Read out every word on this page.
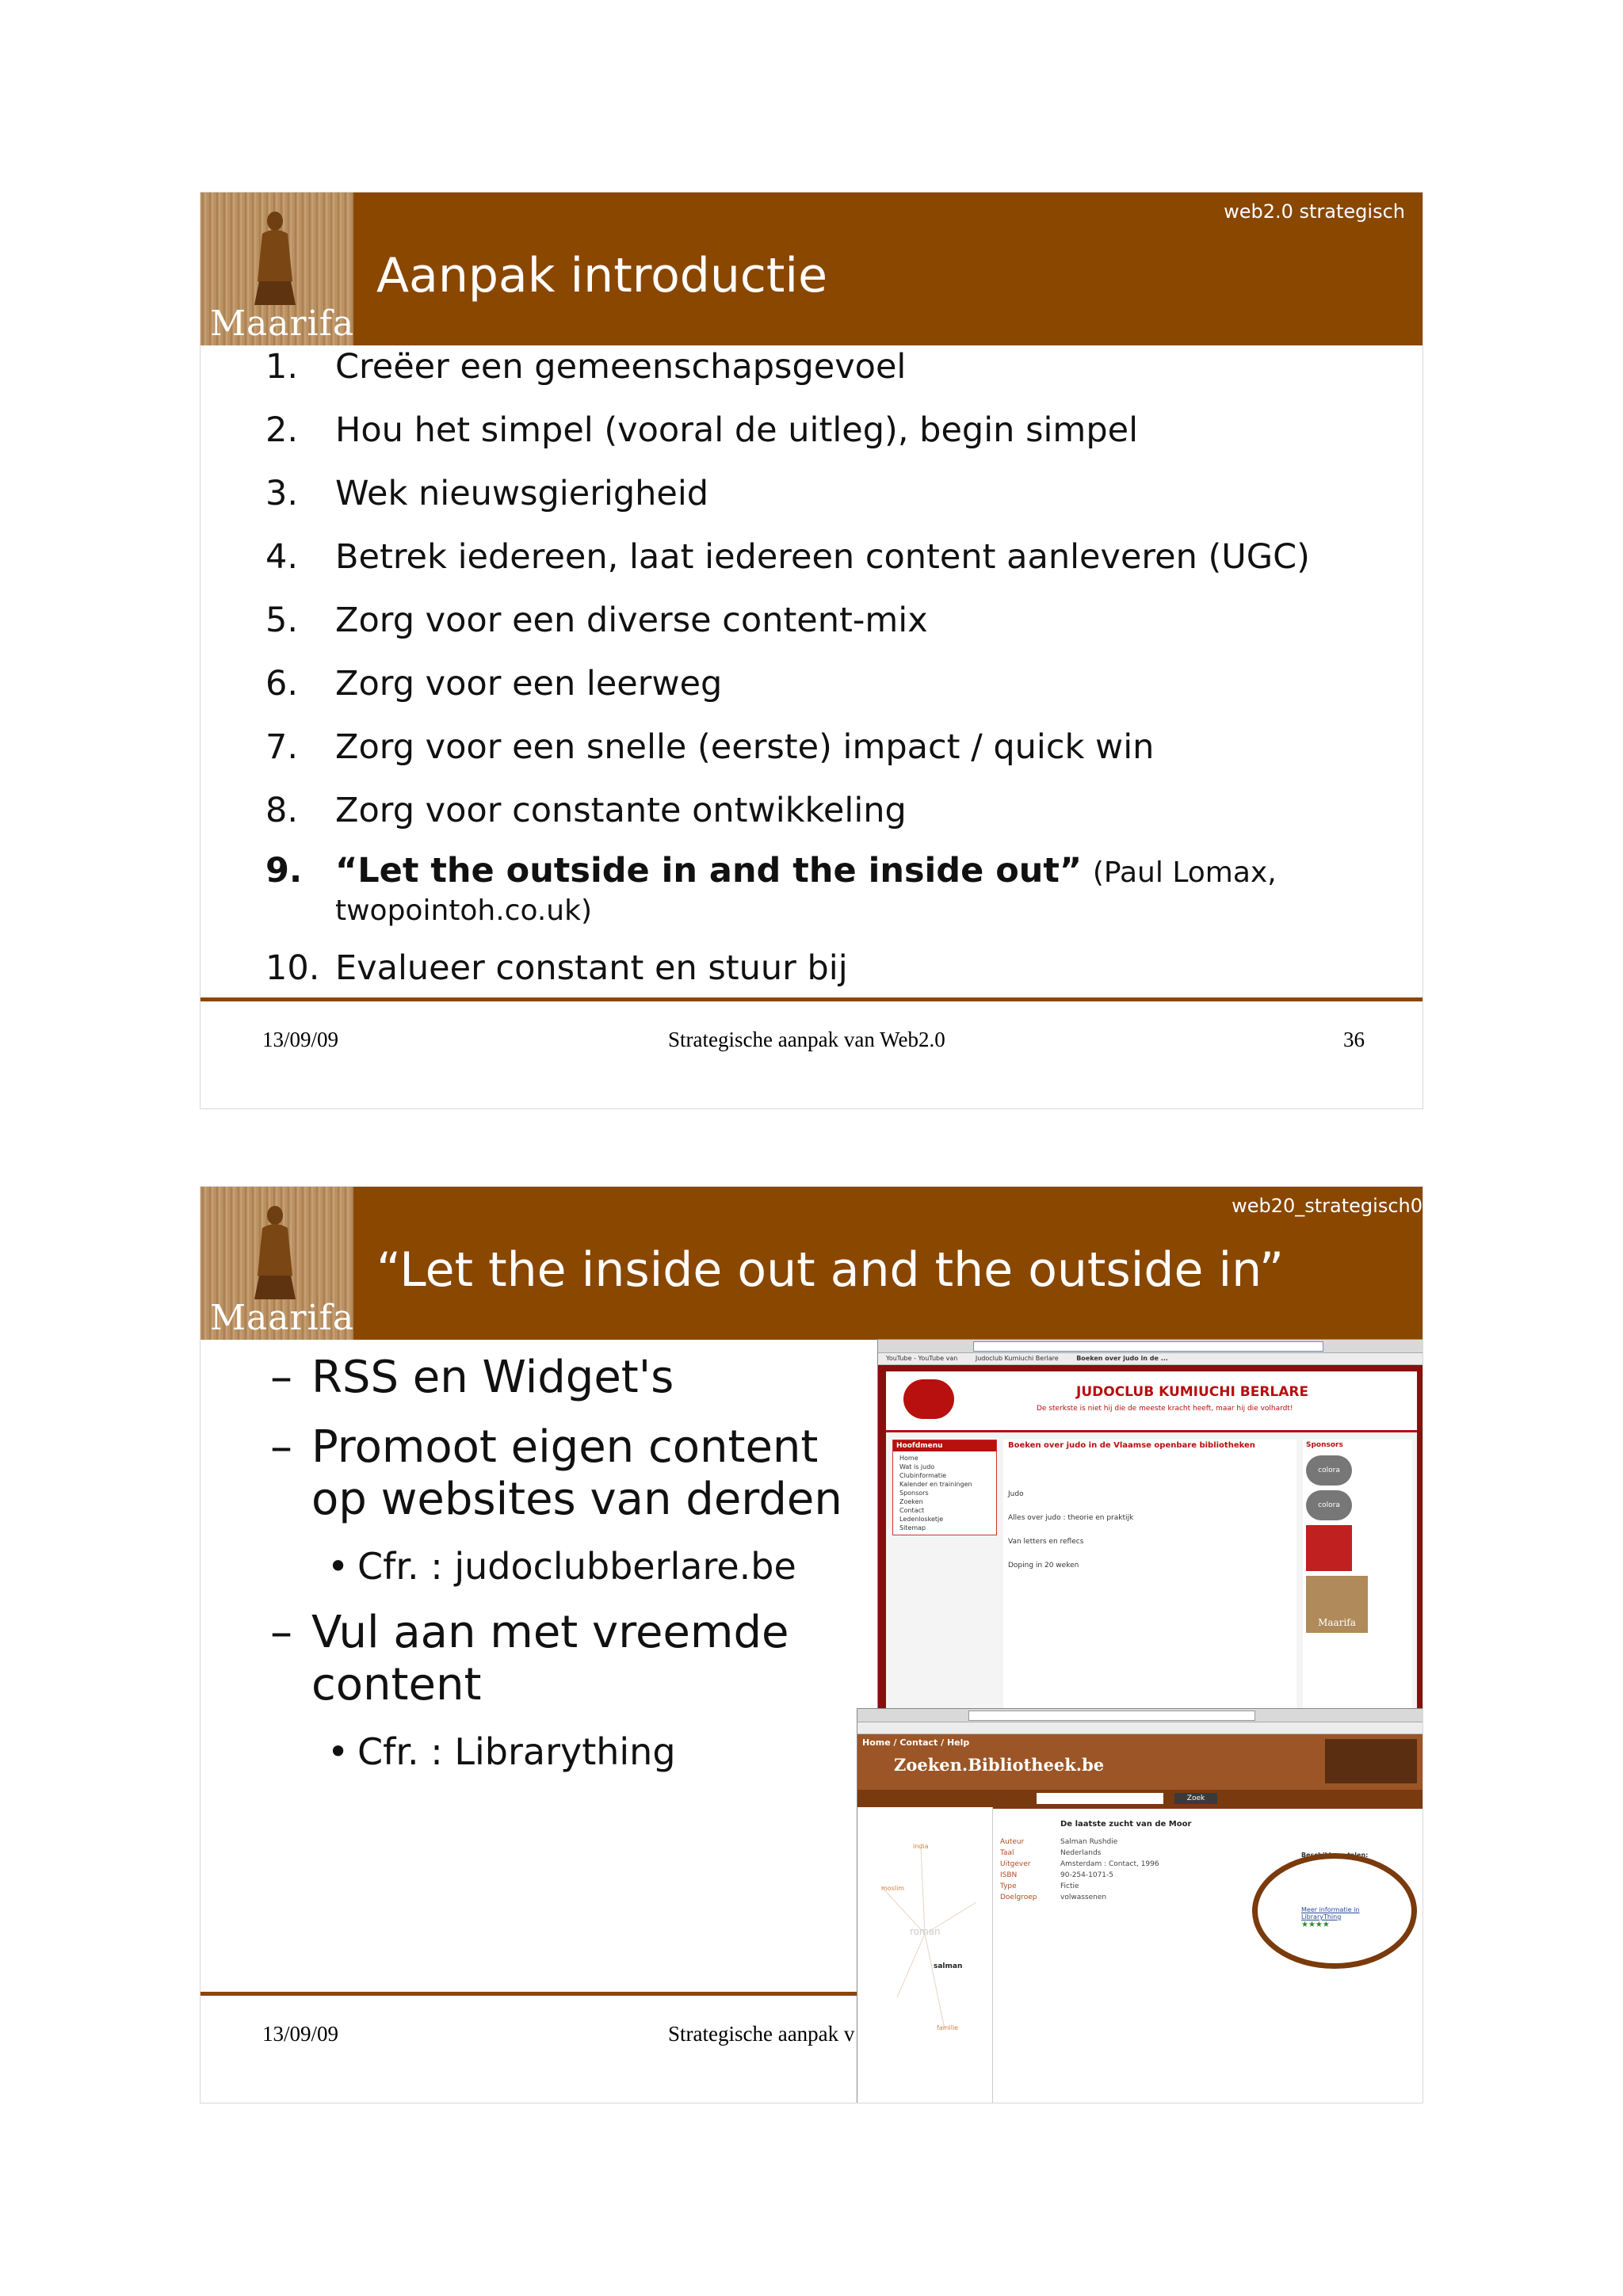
Maarifa
web2.0 strategisch
Aanpak introductie
1. Creëer een gemeenschapsgevoel
2. Hou het simpel (vooral de uitleg), begin simpel
3. Wek nieuwsgierigheid
4. Betrek iedereen, laat iedereen content aanleveren (UGC)
5. Zorg voor een diverse content-mix
6. Zorg voor een leerweg
7. Zorg voor een snelle (eerste) impact / quick win
8. Zorg voor constante ontwikkeling
9. “Let the outside in and the inside out” (Paul Lomax,
twopointoh.co.uk)
10. Evalueer constant en stuur bij
13/09/09	Strategische aanpak van Web2.0	36
Maarifa
web20_strategisch0
“Let the inside out and the outside in”
– RSS en Widget's
– Promoot eigen content op websites van derden
• Cfr. : judoclubberlare.be
– Vul aan met vreemde content
• Cfr. : Librarything
13/09/09	Strategische aanpak v
YouTube - YouTube van	Judoclub Kumiuchi Berlare	Boeken over judo in de ...
JUDOCLUB KUMIUCHI BERLARE
De sterkste is niet hij die de meeste kracht heeft, maar hij die volhardt!
Hoofdmenu
Home
Wat is judo
Clubinformatie
Kalender en trainingen
Sponsors
Zoeken
Contact
Ledenlosketje
Sitemap
Boeken over judo in de Vlaamse openbare bibliotheken
Judo
Alles over judo : theorie en praktijk
Van letters en reflecs
Doping in 20 weken
Sponsors
colora
colora
Maarifa
Home / Contact / Help
Zoeken.Bibliotheek.be
Zoek
india
moslim
roman
salman
familie
De laatste zucht van de Moor
Auteur	Salman Rushdie
Taal	Nederlands
Uitgever	Amsterdam : Contact, 1996
ISBN	90-254-1071-5
Type	Fictie
Doelgroep	volwassenen
Beschikbare talen:
Meer informatie in LibraryThing
★★★★
